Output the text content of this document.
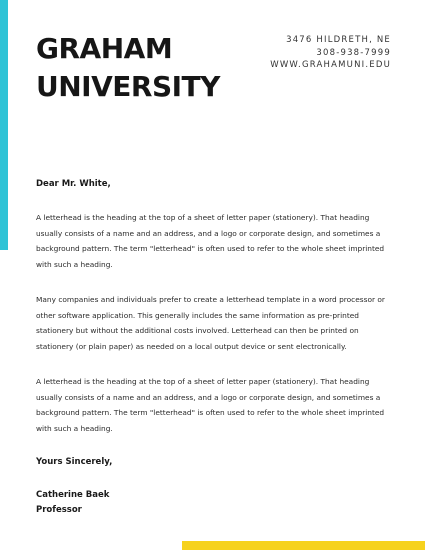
GRAHAM
UNIVERSITY
3476 HILDRETH, NE
308-938-7999
WWW.GRAHAMUNI.EDU

Dear Mr. White,

A letterhead is the heading at the top of a sheet of letter paper (stationery). That heading usually consists of a name and an address, and a logo or corporate design, and sometimes a background pattern. The term "letterhead" is often used to refer to the whole sheet imprinted with such a heading.

Many companies and individuals prefer to create a letterhead template in a word processor or other software application. This generally includes the same information as pre-printed stationery but without the additional costs involved. Letterhead can then be printed on stationery (or plain paper) as needed on a local output device or sent electronically.

A letterhead is the heading at the top of a sheet of letter paper (stationery). That heading usually consists of a name and an address, and a logo or corporate design, and sometimes a background pattern. The term "letterhead" is often used to refer to the whole sheet imprinted with such a heading.

Yours Sincerely,

Catherine Baek
Professor
